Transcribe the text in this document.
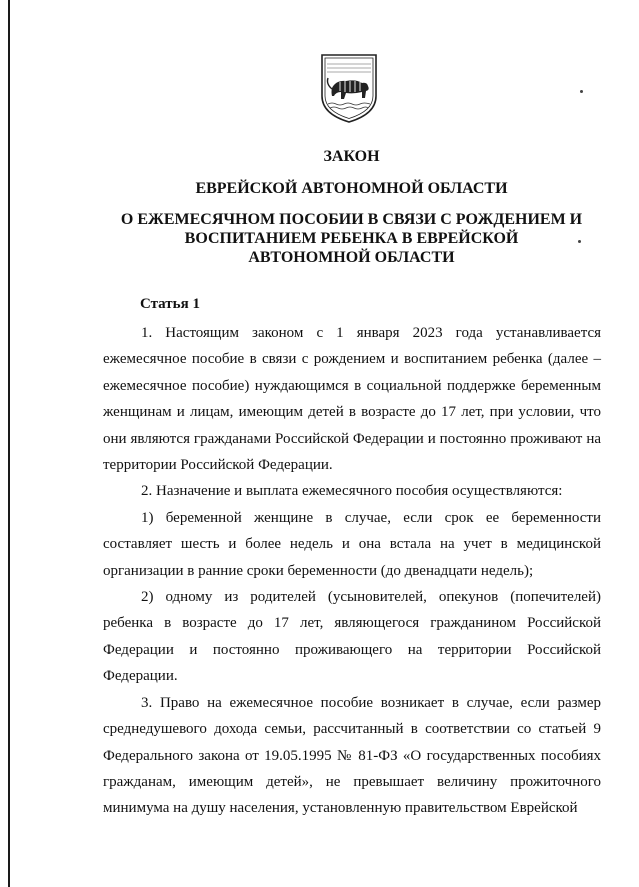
ЗАКОН
ЕВРЕЙСКОЙ АВТОНОМНОЙ ОБЛАСТИ
О ЕЖЕМЕСЯЧНОМ ПОСОБИИ В СВЯЗИ С РОЖДЕНИЕМ И
ВОСПИТАНИЕМ РЕБЕНКА В ЕВРЕЙСКОЙ
АВТОНОМНОЙ ОБЛАСТИ
Статья 1

1. Настоящим законом с 1 января 2023 года устанавливается ежемесячное пособие в связи с рождением и воспитанием ребенка (далее – ежемесячное пособие) нуждающимся в социальной поддержке беременным женщинам и лицам, имеющим детей в возрасте до 17 лет, при условии, что они являются гражданами Российской Федерации и постоянно проживают на территории Российской Федерации.

2. Назначение и выплата ежемесячного пособия осуществляются:

1) беременной женщине в случае, если срок ее беременности составляет шесть и более недель и она встала на учет в медицинской организации в ранние сроки беременности (до двенадцати недель);

2) одному из родителей (усыновителей, опекунов (попечителей) ребенка в возрасте до 17 лет, являющегося гражданином Российской Федерации и постоянно проживающего на территории Российской Федерации.

3. Право на ежемесячное пособие возникает в случае, если размер среднедушевого дохода семьи, рассчитанный в соответствии со статьей 9 Федерального закона от 19.05.1995 № 81-ФЗ «О государственных пособиях гражданам, имеющим детей», не превышает величину прожиточного минимума на душу населения, установленную правительством Еврейской
